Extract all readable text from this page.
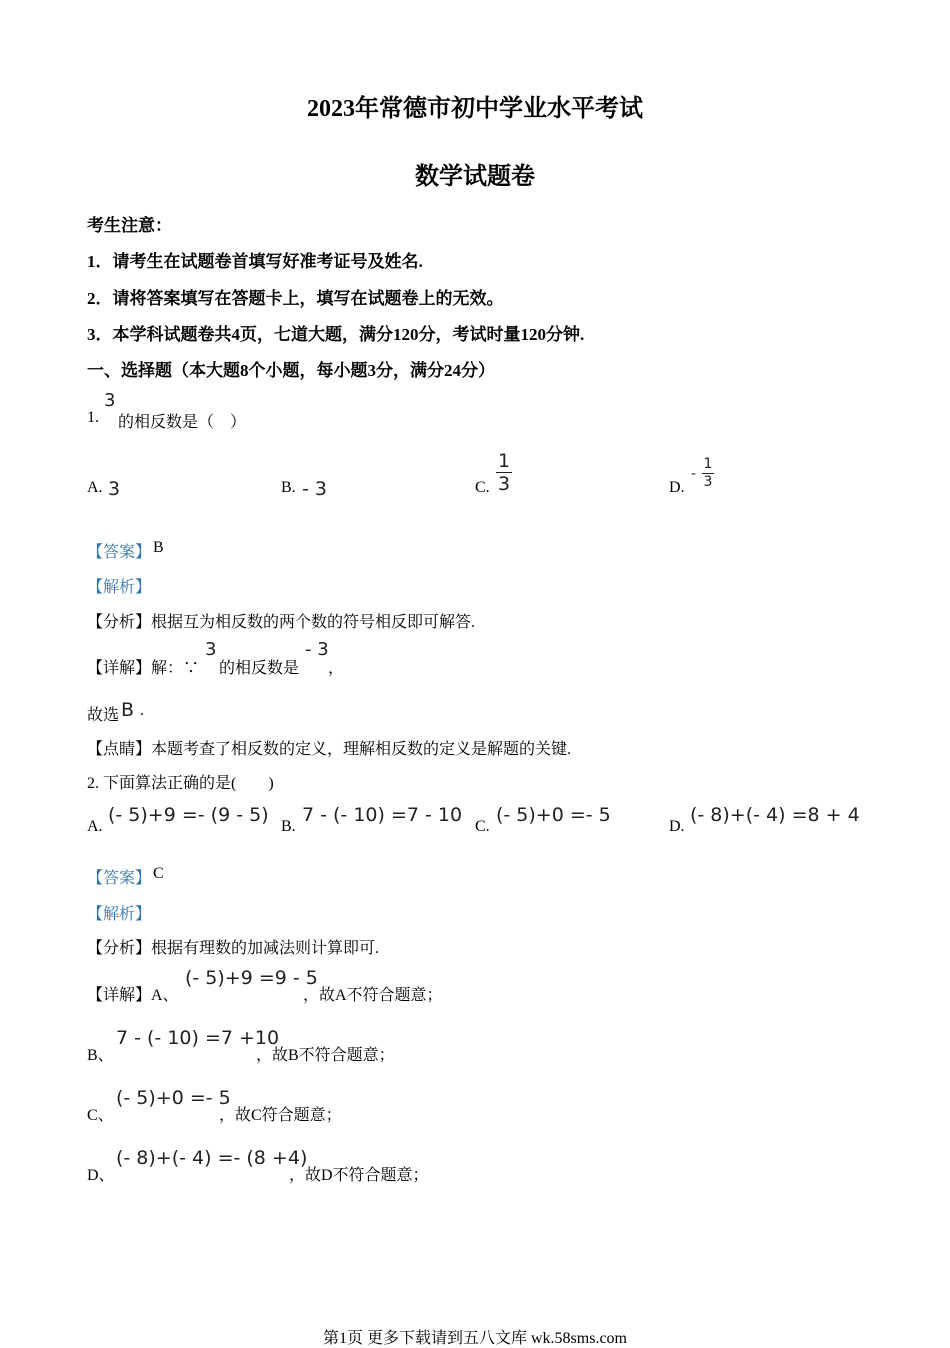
2023年常德市初中学业水平考试
数学试题卷
考生注意：
1．请考生在试题卷首填写好准考证号及姓名.
2．请将答案填写在答题卡上，填写在试题卷上的无效。
3．本学科试题卷共4页，七道大题，满分120分，考试时量120分钟.
一、选择题（本大题8个小题，每小题3分，满分24分）
1.
3
的相反数是（　）
A. 3	B. - 3	C.
1
3	D.
-
1
3
【答案】 B
【解析】
【分析】根据互为相反数的两个数的符号相反即可解答.
【详解】解：∵
3
的相反数是
- 3
，
故选 B .
【点睛】本题考查了相反数的定义，理解相反数的定义是解题的关键.
2. 下面算法正确的是(　　)
A.
(- 5)+9 =- (9 - 5)
B.
7 - (- 10) =7 - 10
C.
(- 5)+0 =- 5
D.
(- 8)+(- 4) =8 + 4
【答案】 C
【解析】
【分析】根据有理数的加减法则计算即可.
【详解】A、
(- 5)+9 =9 - 5
，故A不符合题意；
B、
7 - (- 10) =7 +10
，故B不符合题意；
C、
(- 5)+0 =- 5
，故C符合题意；
D、
(- 8)+(- 4) =- (8 +4)
，故D不符合题意；
第1页 更多下载请到五八文库 wk.58sms.com
